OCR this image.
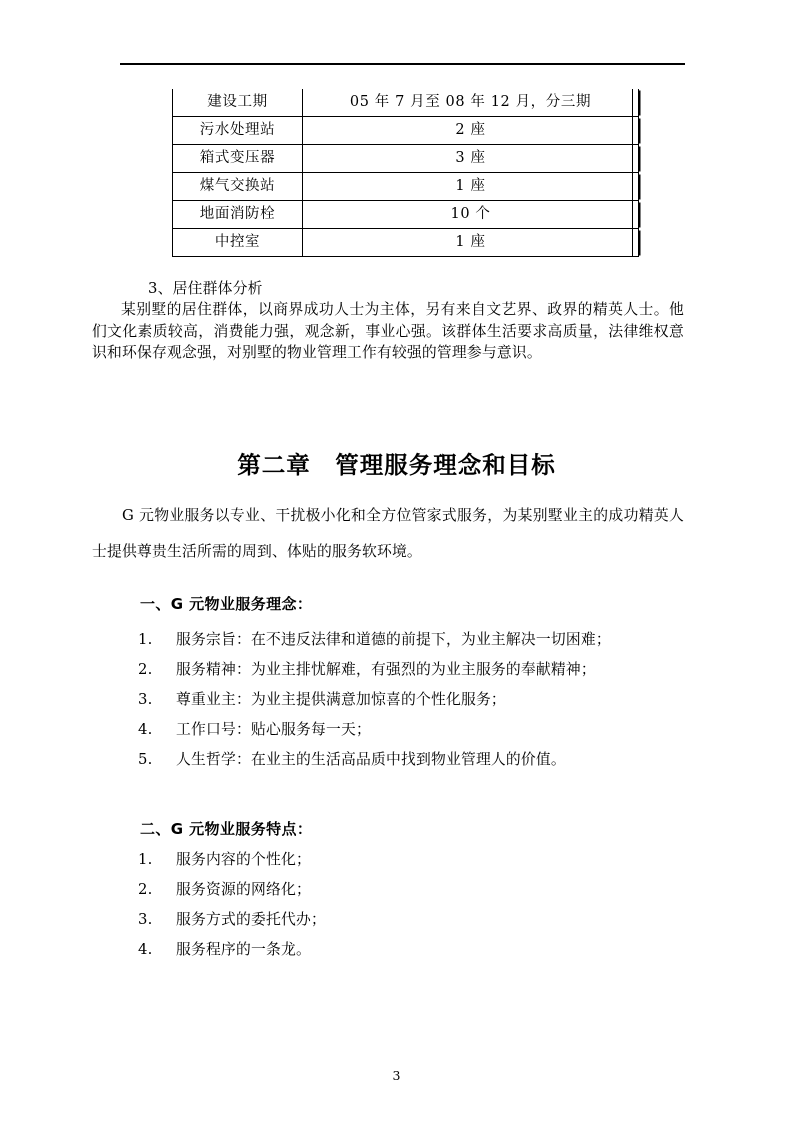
建设工期	05 年 7 月至 08 年 12 月，分三期
污水处理站	2 座
箱式变压器	3 座
煤气交换站	1 座
地面消防栓	10 个
中控室	1 座
3、居住群体分析
某别墅的居住群体，以商界成功人士为主体，另有来自文艺界、政界的精英人士。他们文化素质较高，消费能力强，观念新，事业心强。该群体生活要求高质量，法律维权意识和环保存观念强，对别墅的物业管理工作有较强的管理参与意识。
第二章　管理服务理念和目标
G 元物业服务以专业、干扰极小化和全方位管家式服务，为某别墅业主的成功精英人士提供尊贵生活所需的周到、体贴的服务软环境。
一、G 元物业服务理念：
1.	服务宗旨：在不违反法律和道德的前提下，为业主解决一切困难；
2.	服务精神：为业主排忧解难，有强烈的为业主服务的奉献精神；
3.	尊重业主：为业主提供满意加惊喜的个性化服务；
4.	工作口号：贴心服务每一天；
5.	人生哲学：在业主的生活高品质中找到物业管理人的价值。
二、G 元物业服务特点：
1.	服务内容的个性化；
2.	服务资源的网络化；
3.	服务方式的委托代办；
4.	服务程序的一条龙。
3
